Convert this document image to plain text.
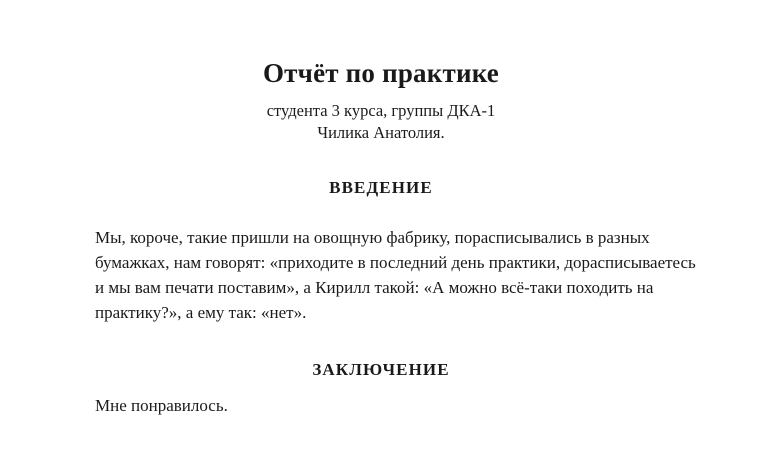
Отчёт по практике
студента 3 курса, группы ДКА-1
Чилика Анатолия.
ВВЕДЕНИЕ

Мы, короче, такие пришли на овощную фабрику, порасписывались в разных бумажках, нам говорят: «приходите в последний день практики, дорасписываетесь и мы вам печати поставим», а Кирилл такой: «А можно всё-таки походить на практику?», а ему так: «нет».

ЗАКЛЮЧЕНИЕ

Мне понравилось.
